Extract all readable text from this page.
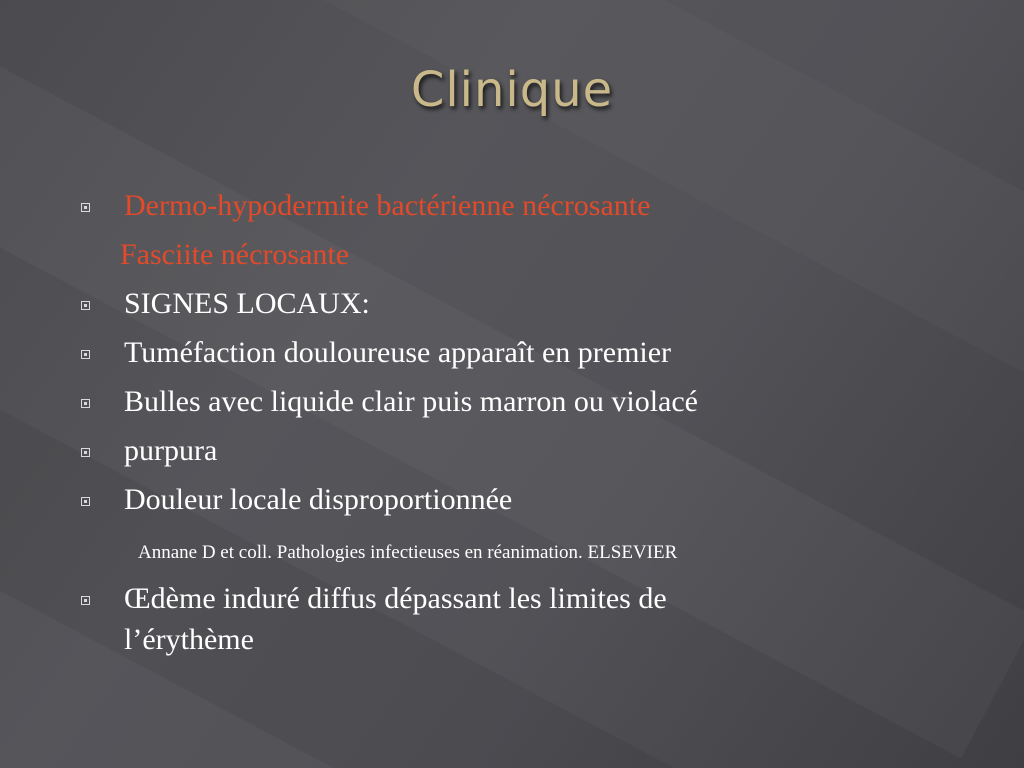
Clinique
Dermo-hypodermite bactérienne nécrosante
Fasciite nécrosante
SIGNES LOCAUX:
Tuméfaction douloureuse apparaît en premier
Bulles avec liquide clair puis marron ou violacé
purpura
Douleur locale disproportionnée
Annane D et coll. Pathologies infectieuses en réanimation. ELSEVIER
Œdème induré diffus dépassant les limites de
l’érythème
